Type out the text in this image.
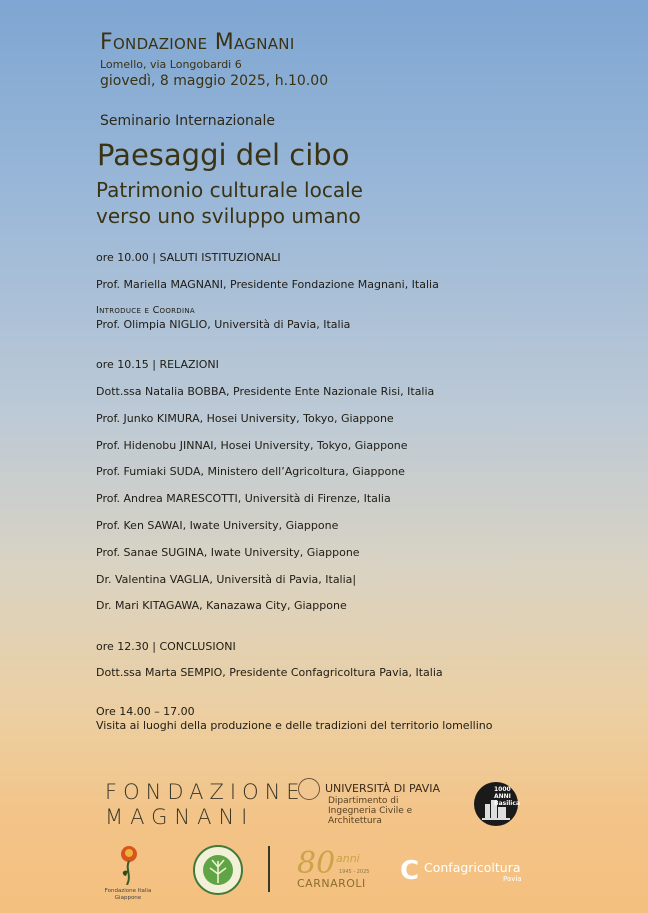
Fondazione Magnani
Lomello, via Longobardi 6
giovedì, 8 maggio 2025, h.10.00
Seminario Internazionale
Paesaggi del cibo
Patrimonio culturale locale
verso uno sviluppo umano
ore 10.00 | SALUTI ISTITUZIONALI
Prof. Mariella MAGNANI, Presidente Fondazione Magnani, Italia
Introduce e Coordina
Prof. Olimpia NIGLIO, Università di Pavia, Italia
ore 10.15 | RELAZIONI
Dott.ssa Natalia BOBBA, Presidente Ente Nazionale Risi, Italia
Prof. Junko KIMURA, Hosei University, Tokyo, Giappone
Prof. Hidenobu JINNAI, Hosei University, Tokyo, Giappone
Prof. Fumiaki SUDA, Ministero dell’Agricoltura, Giappone
Prof. Andrea MARESCOTTI, Università di Firenze, Italia
Prof. Ken SAWAI, Iwate University, Giappone
Prof. Sanae SUGINA, Iwate University, Giappone
Dr. Valentina VAGLIA, Università di Pavia, Italia|
Dr. Mari KITAGAWA, Kanazawa City, Giappone
ore 12.30 | CONCLUSIONI
Dott.ssa Marta SEMPIO, Presidente Confagricoltura Pavia, Italia
Ore 14.00 – 17.00
Visita ai luoghi della produzione e delle tradizioni del territorio lomellino
FONDAZIONE
MAGNANI
UNIVERSITÀ DI PAVIA
Dipartimento di Ingegneria Civile e Architettura
1000 ANNI Basilica
Fondazione Italia Giappone
80 anni
1945 - 2025
CARNAROLI C Confagricoltura
Pavia
